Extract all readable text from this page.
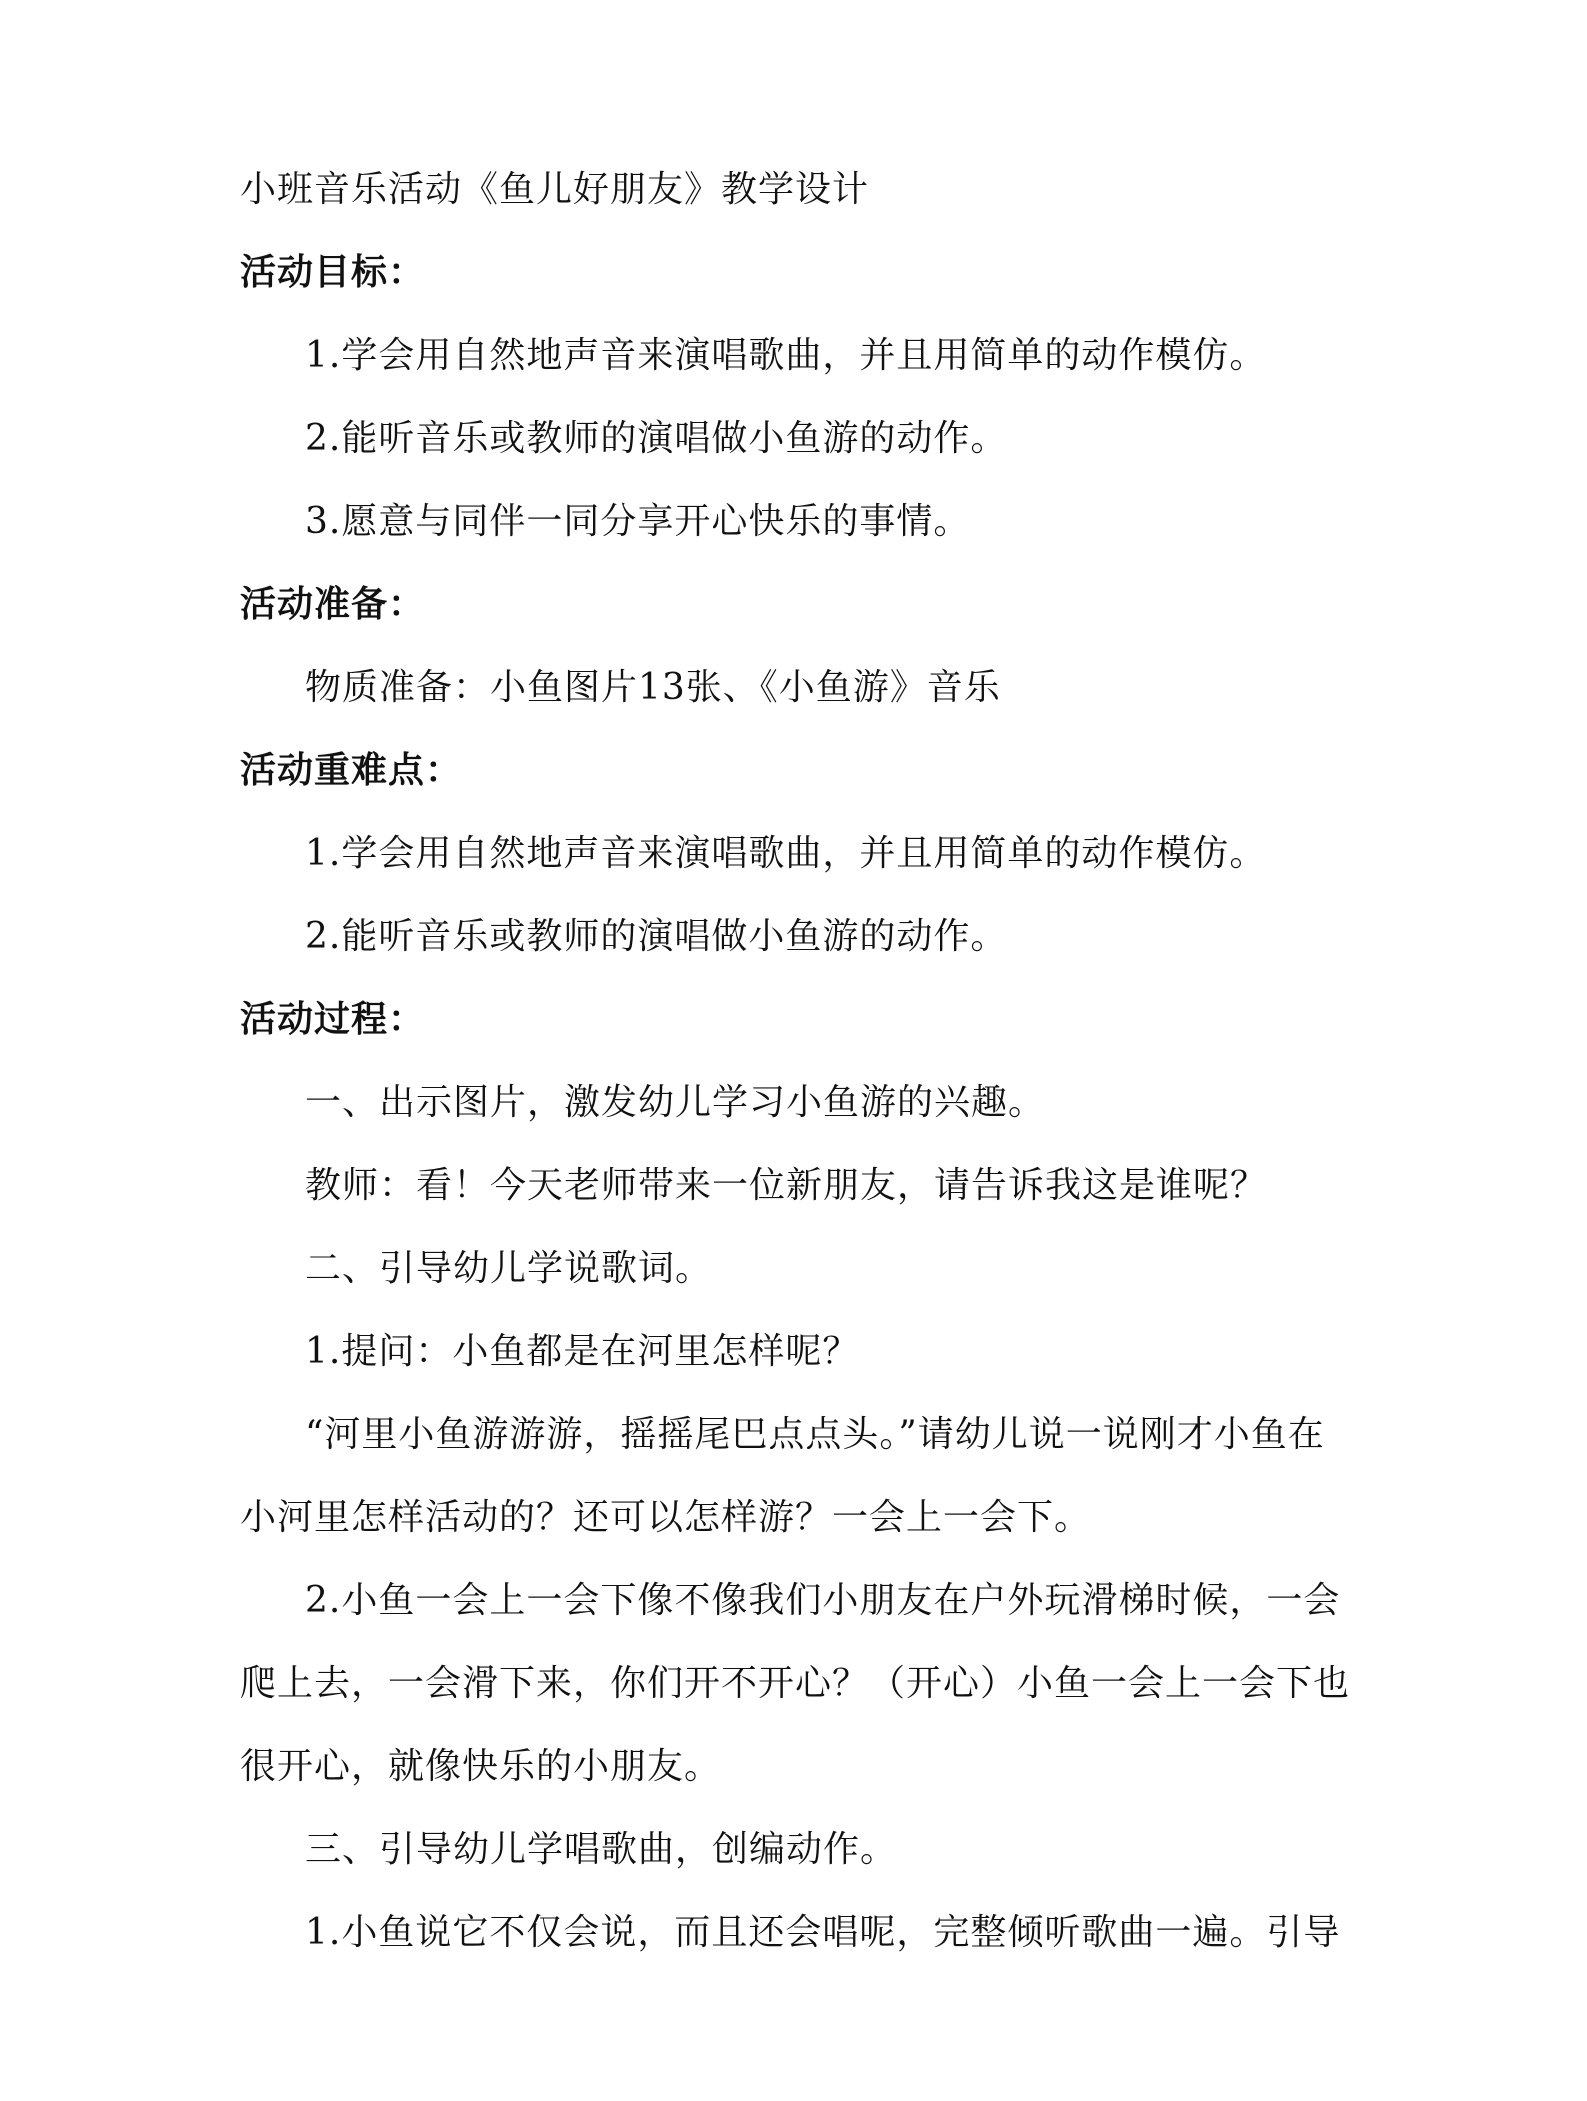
小班音乐活动《鱼儿好朋友》教学设计
活动目标：
1.学会用自然地声音来演唱歌曲，并且用简单的动作模仿。
2.能听音乐或教师的演唱做小鱼游的动作。
3.愿意与同伴一同分享开心快乐的事情。
活动准备：
物质准备：小鱼图片13张、《小鱼游》音乐
活动重难点：
1.学会用自然地声音来演唱歌曲，并且用简单的动作模仿。
2.能听音乐或教师的演唱做小鱼游的动作。
活动过程：
一、出示图片，激发幼儿学习小鱼游的兴趣。
教师：看！今天老师带来一位新朋友，请告诉我这是谁呢？
二、引导幼儿学说歌词。
1.提问：小鱼都是在河里怎样呢？
“河里小鱼游游游，摇摇尾巴点点头。”请幼儿说一说刚才小鱼在
小河里怎样活动的？还可以怎样游？一会上一会下。
2.小鱼一会上一会下像不像我们小朋友在户外玩滑梯时候，一会
爬上去，一会滑下来，你们开不开心？（开心）小鱼一会上一会下也
很开心，就像快乐的小朋友。
三、引导幼儿学唱歌曲，创编动作。
1.小鱼说它不仅会说，而且还会唱呢，完整倾听歌曲一遍。引导
